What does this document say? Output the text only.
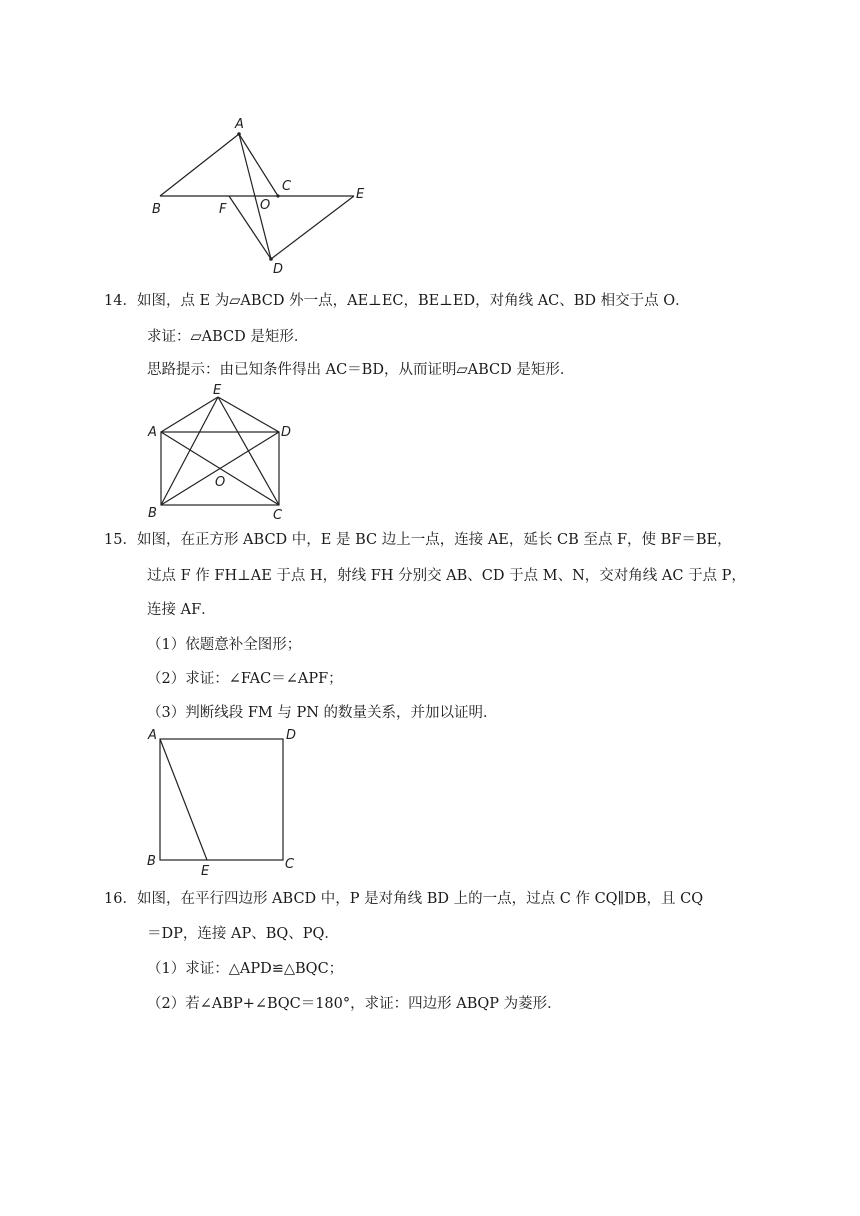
A
B
C
D
E
F	O
14．如图，点 E 为▱ABCD 外一点，AE⊥EC，BE⊥ED，对角线 AC、BD 相交于点 O．
求证：▱ABCD 是矩形．
思路提示：由已知条件得出 AC＝BD，从而证明▱ABCD 是矩形．
E
A	D
B	C
O
15．如图，在正方形 ABCD 中，E 是 BC 边上一点，连接 AE，延长 CB 至点 F，使 BF＝BE，
过点 F 作 FH⊥AE 于点 H，射线 FH 分别交 AB、CD 于点 M、N，交对角线 AC 于点 P，
连接 AF．
（1）依题意补全图形；
（2）求证：∠FAC＝∠APF；
（3）判断线段 FM 与 PN 的数量关系，并加以证明．
A	D
B
E	C
16．如图，在平行四边形 ABCD 中，P 是对角线 BD 上的一点，过点 C 作 CQ∥DB，且 CQ
＝DP，连接 AP、BQ、PQ．
（1）求证：△APD≌△BQC；
（2）若∠ABP+∠BQC＝180°，求证：四边形 ABQP 为菱形．
